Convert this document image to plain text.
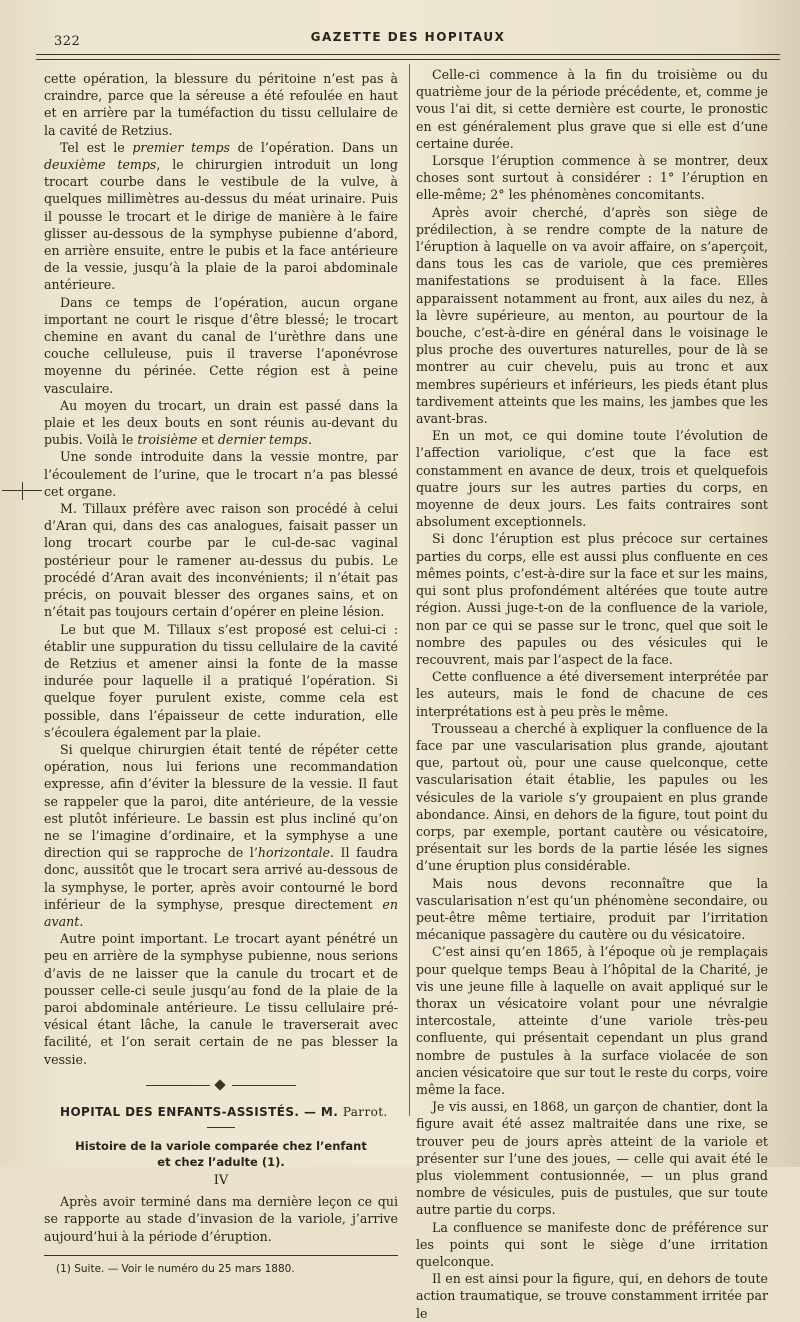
322	GAZETTE DES HOPITAUX

cette opération, la blessure du péritoine n’est pas à craindre, parce que la séreuse a été refoulée en haut et en arrière par la tuméfaction du tissu cellulaire de la cavité de Retzius.

Tel est le premier temps de l’opération. Dans un deuxième temps, le chirurgien introduit un long trocart courbe dans le vestibule de la vulve, à quelques millimètres au-dessus du méat urinaire. Puis il pousse le trocart et le dirige de manière à le faire glisser au-dessous de la symphyse pubienne d’abord, en arrière ensuite, entre le pubis et la face antérieure de la vessie, jusqu’à la plaie de la paroi abdominale antérieure.

Dans ce temps de l’opération, aucun organe important ne court le risque d’être blessé; le trocart chemine en avant du canal de l’urèthre dans une couche celluleuse, puis il traverse l’aponévrose moyenne du périnée. Cette région est à peine vasculaire.

Au moyen du trocart, un drain est passé dans la plaie et les deux bouts en sont réunis au-devant du pubis. Voilà le troisième et dernier temps.

Une sonde introduite dans la vessie montre, par l’écoulement de l’urine, que le trocart n’a pas blessé cet organe.

M. Tillaux préfère avec raison son procédé à celui d’Aran qui, dans des cas analogues, faisait passer un long trocart courbe par le cul-de-sac vaginal postérieur pour le ramener au-dessus du pubis. Le procédé d’Aran avait des inconvénients; il n’était pas précis, on pouvait blesser des organes sains, et on n’était pas toujours certain d’opérer en pleine lésion.

Le but que M. Tillaux s’est proposé est celui-ci : établir une suppuration du tissu cellulaire de la cavité de Retzius et amener ainsi la fonte de la masse indurée pour laquelle il a pratiqué l’opération. Si quelque foyer purulent existe, comme cela est possible, dans l’épaisseur de cette induration, elle s’écoulera également par la plaie.

Si quelque chirurgien était tenté de répéter cette opération, nous lui ferions une recommandation expresse, afin d’éviter la blessure de la vessie. Il faut se rappeler que la paroi, dite antérieure, de la vessie est plutôt inférieure. Le bassin est plus incliné qu’on ne se l’imagine d’ordinaire, et la symphyse a une direction qui se rapproche de l’horizontale. Il faudra donc, aussitôt que le trocart sera arrivé au-dessous de la symphyse, le porter, après avoir contourné le bord inférieur de la symphyse, presque directement en avant.

Autre point important. Le trocart ayant pénétré un peu en arrière de la symphyse pubienne, nous serions d’avis de ne laisser que la canule du trocart et de pousser celle-ci seule jusqu’au fond de la plaie de la paroi abdominale antérieure. Le tissu cellulaire pré-vésical étant lâche, la canule le traverserait avec facilité, et l’on serait certain de ne pas blesser la vessie.

HOPITAL DES ENFANTS-ASSISTÉS. — M. Parrot.
Histoire de la variole comparée chez l’enfant
et chez l’adulte (1).
IV

Après avoir terminé dans ma dernière leçon ce qui se rapporte au stade d’invasion de la variole, j’arrive aujourd’hui à la période d’éruption.

(1) Suite. — Voir le numéro du 25 mars 1880.

Celle-ci commence à la fin du troisième ou du quatrième jour de la période précédente, et, comme je vous l’ai dit, si cette dernière est courte, le pronostic en est généralement plus grave que si elle est d’une certaine durée.

Lorsque l’éruption commence à se montrer, deux choses sont surtout à considérer : 1° l’éruption en elle-même; 2° les phénomènes concomitants.

Après avoir cherché, d’après son siège de prédilection, à se rendre compte de la nature de l’éruption à laquelle on va avoir affaire, on s’aperçoit, dans tous les cas de variole, que ces premières manifestations se produisent à la face. Elles apparaissent notamment au front, aux ailes du nez, à la lèvre supérieure, au menton, au pourtour de la bouche, c’est-à-dire en général dans le voisinage le plus proche des ouvertures naturelles, pour de là se montrer au cuir chevelu, puis au tronc et aux membres supérieurs et inférieurs, les pieds étant plus tardivement atteints que les mains, les jambes que les avant-bras.

En un mot, ce qui domine toute l’évolution de l’affection variolique, c’est que la face est constamment en avance de deux, trois et quelquefois quatre jours sur les autres parties du corps, en moyenne de deux jours. Les faits contraires sont absolument exceptionnels.

Si donc l’éruption est plus précoce sur certaines parties du corps, elle est aussi plus confluente en ces mêmes points, c’est-à-dire sur la face et sur les mains, qui sont plus profondément altérées que toute autre région. Aussi juge-t-on de la confluence de la variole, non par ce qui se passe sur le tronc, quel que soit le nombre des papules ou des vésicules qui le recouvrent, mais par l’aspect de la face.

Cette confluence a été diversement interprétée par les auteurs, mais le fond de chacune de ces interprétations est à peu près le même.

Trousseau a cherché à expliquer la confluence de la face par une vascularisation plus grande, ajoutant que, partout où, pour une cause quelconque, cette vascularisation était établie, les papules ou les vésicules de la variole s’y groupaient en plus grande abondance. Ainsi, en dehors de la figure, tout point du corps, par exemple, portant cautère ou vésicatoire, présentait sur les bords de la partie lésée les signes d’une éruption plus considérable.

Mais nous devons reconnaître que la vascularisation n’est qu’un phénomène secondaire, ou peut-être même tertiaire, produit par l’irritation mécanique passagère du cautère ou du vésicatoire.

C’est ainsi qu’en 1865, à l’époque où je remplaçais pour quelque temps Beau à l’hôpital de la Charité, je vis une jeune fille à laquelle on avait appliqué sur le thorax un vésicatoire volant pour une névralgie intercostale, atteinte d’une variole très-peu confluente, qui présentait cependant un plus grand nombre de pustules à la surface violacée de son ancien vésicatoire que sur tout le reste du corps, voire même la face.

Je vis aussi, en 1868, un garçon de chantier, dont la figure avait été assez maltraitée dans une rixe, se trouver peu de jours après atteint de la variole et présenter sur l’une des joues, — celle qui avait été le plus violemment contusionnée, — un plus grand nombre de vésicules, puis de pustules, que sur toute autre partie du corps.

La confluence se manifeste donc de préférence sur les points qui sont le siège d’une irritation quelconque.

Il en est ainsi pour la figure, qui, en dehors de toute action traumatique, se trouve constamment irritée par le
